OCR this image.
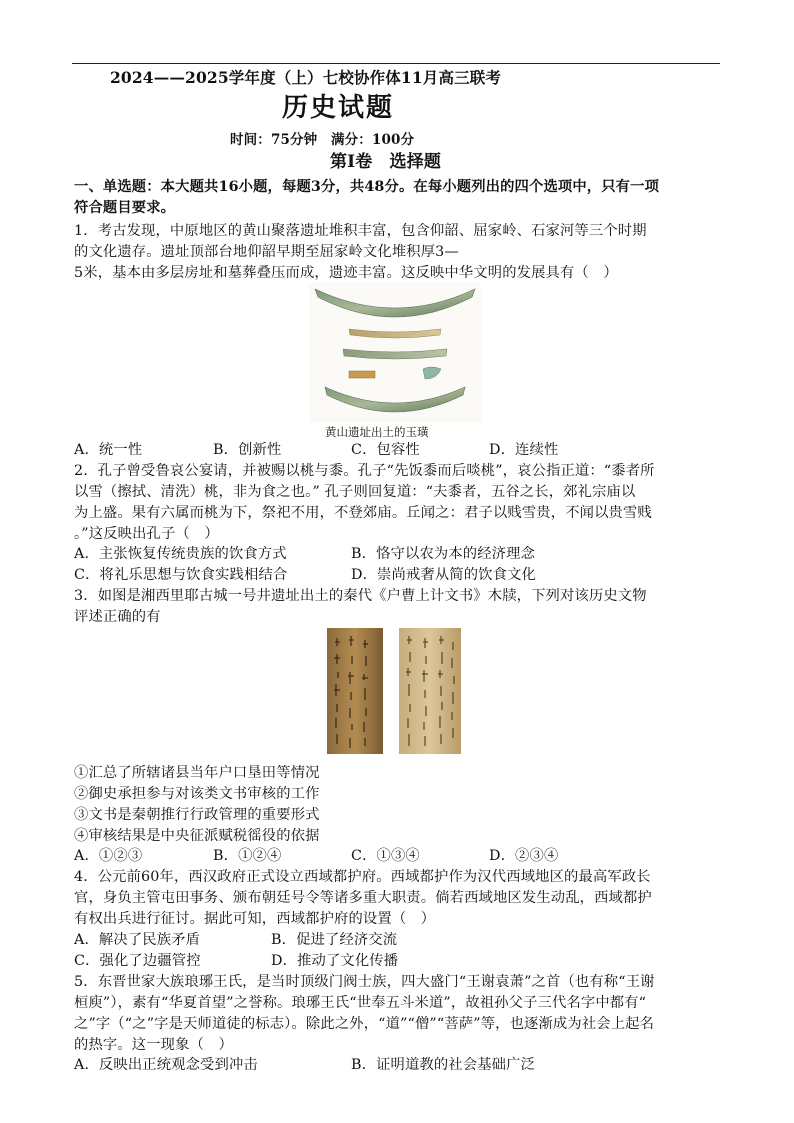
2024——2025学年度（上）七校协作体11月高三联考
历史试题
时间：75分钟　满分：100分
第Ⅰ卷　选择题
一、单选题：本大题共16小题，每题3分，共48分。在每小题列出的四个选项中，只有一项
符合题目要求。
1．考古发现，中原地区的黄山聚落遗址堆积丰富，包含仰韶、屈家岭、石家河等三个时期
的文化遗存。遗址顶部台地仰韶早期至屈家岭文化堆积厚3—
5米，基本由多层房址和墓葬叠压而成，遗迹丰富。这反映中华文明的发展具有（　）
黄山遗址出土的玉璜
A．统一性	B．创新性	C．包容性	D．连续性
2．孔子曾受鲁哀公宴请，并被赐以桃与黍。孔子“先饭黍而后啖桃”，哀公指正道：“黍者所
以雪（擦拭、清洗）桃，非为食之也。” 孔子则回复道：“夫黍者，五谷之长，郊礼宗庙以
为上盛。果有六属而桃为下，祭祀不用，不登郊庙。丘闻之：君子以贱雪贵，不闻以贵雪贱
。”这反映出孔子（　）
A．主张恢复传统贵族的饮食方式	B．恪守以农为本的经济理念
C．将礼乐思想与饮食实践相结合	D．崇尚戒奢从简的饮食文化
3．如图是湘西里耶古城一号井遗址出土的秦代《户曹上计文书》木牍，下列对该历史文物
评述正确的有
①汇总了所辖诸县当年户口垦田等情况
②御史承担参与对该类文书审核的工作
③文书是秦朝推行行政管理的重要形式
④审核结果是中央征派赋税徭役的依据
A．①②③	B．①②④	C．①③④	D．②③④
4．公元前60年，西汉政府正式设立西域都护府。西域都护作为汉代西域地区的最高军政长
官，身负主管屯田事务、颁布朝廷号令等诸多重大职责。倘若西域地区发生动乱，西域都护
有权出兵进行征讨。据此可知，西域都护府的设置（　）
A．解决了民族矛盾	B．促进了经济交流
C．强化了边疆管控	D．推动了文化传播
5．东晋世家大族琅琊王氏，是当时顶级门阀士族，四大盛门“王谢袁萧”之首（也有称“王谢
桓庾”），素有“华夏首望”之誉称。琅琊王氏“世奉五斗米道”，故祖孙父子三代名字中都有“
之”字（“之”字是天师道徒的标志）。除此之外，“道”“僧”“菩萨”等，也逐渐成为社会上起名
的热字。这一现象（　）
A．反映出正统观念受到冲击	B．证明道教的社会基础广泛
